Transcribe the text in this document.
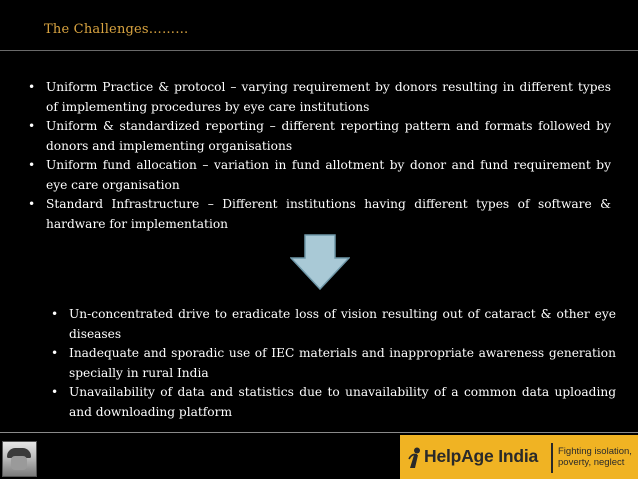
The Challenges………
• Uniform Practice & protocol – varying requirement by donors resulting in different types of implementing procedures by eye care institutions
• Uniform & standardized reporting – different reporting pattern and formats followed by donors and implementing organisations
• Uniform fund allocation – variation in fund allotment by donor and fund requirement by eye care organisation
• Standard Infrastructure – Different institutions having different types of software & hardware for implementation
• Un-concentrated drive to eradicate loss of vision resulting out of cataract & other eye diseases
• Inadequate and sporadic use of IEC materials and inappropriate awareness generation specially in rural India
• Unavailability of data and statistics due to unavailability of a common data uploading and downloading platform
HelpAge India Fighting isolation,
poverty, neglect
